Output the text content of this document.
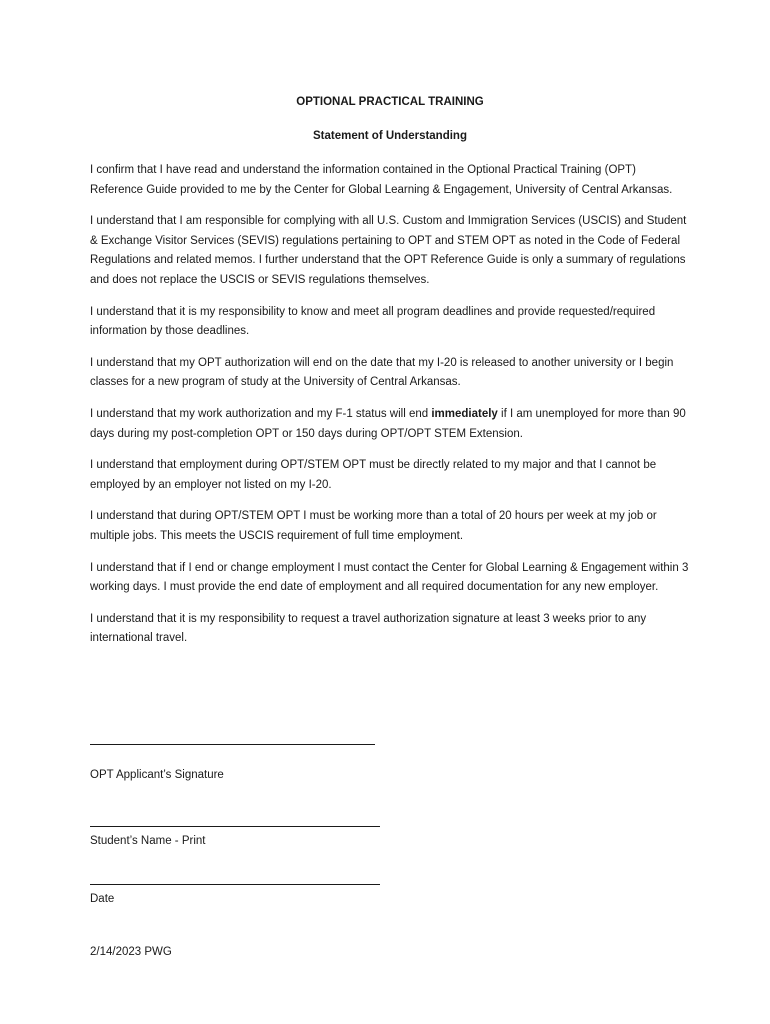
OPTIONAL PRACTICAL TRAINING
Statement of Understanding

I confirm that I have read and understand the information contained in the Optional Practical Training (OPT) Reference Guide provided to me by the Center for Global Learning & Engagement, University of Central Arkansas.

I understand that I am responsible for complying with all U.S. Custom and Immigration Services (USCIS) and Student & Exchange Visitor Services (SEVIS) regulations pertaining to OPT and STEM OPT as noted in the Code of Federal Regulations and related memos. I further understand that the OPT Reference Guide is only a summary of regulations and does not replace the USCIS or SEVIS regulations themselves.

I understand that it is my responsibility to know and meet all program deadlines and provide requested/required information by those deadlines.

I understand that my OPT authorization will end on the date that my I-20 is released to another university or I begin classes for a new program of study at the University of Central Arkansas.

I understand that my work authorization and my F-1 status will end immediately if I am unemployed for more than 90 days during my post-completion OPT or 150 days during OPT/OPT STEM Extension.

I understand that employment during OPT/STEM OPT must be directly related to my major and that I cannot be employed by an employer not listed on my I-20.

I understand that during OPT/STEM OPT I must be working more than a total of 20 hours per week at my job or multiple jobs. This meets the USCIS requirement of full time employment.

I understand that if I end or change employment I must contact the Center for Global Learning & Engagement within 3 working days. I must provide the end date of employment and all required documentation for any new employer.

I understand that it is my responsibility to request a travel authorization signature at least 3 weeks prior to any international travel.

OPT Applicant’s Signature
Student’s Name - Print
Date
2/14/2023 PWG
